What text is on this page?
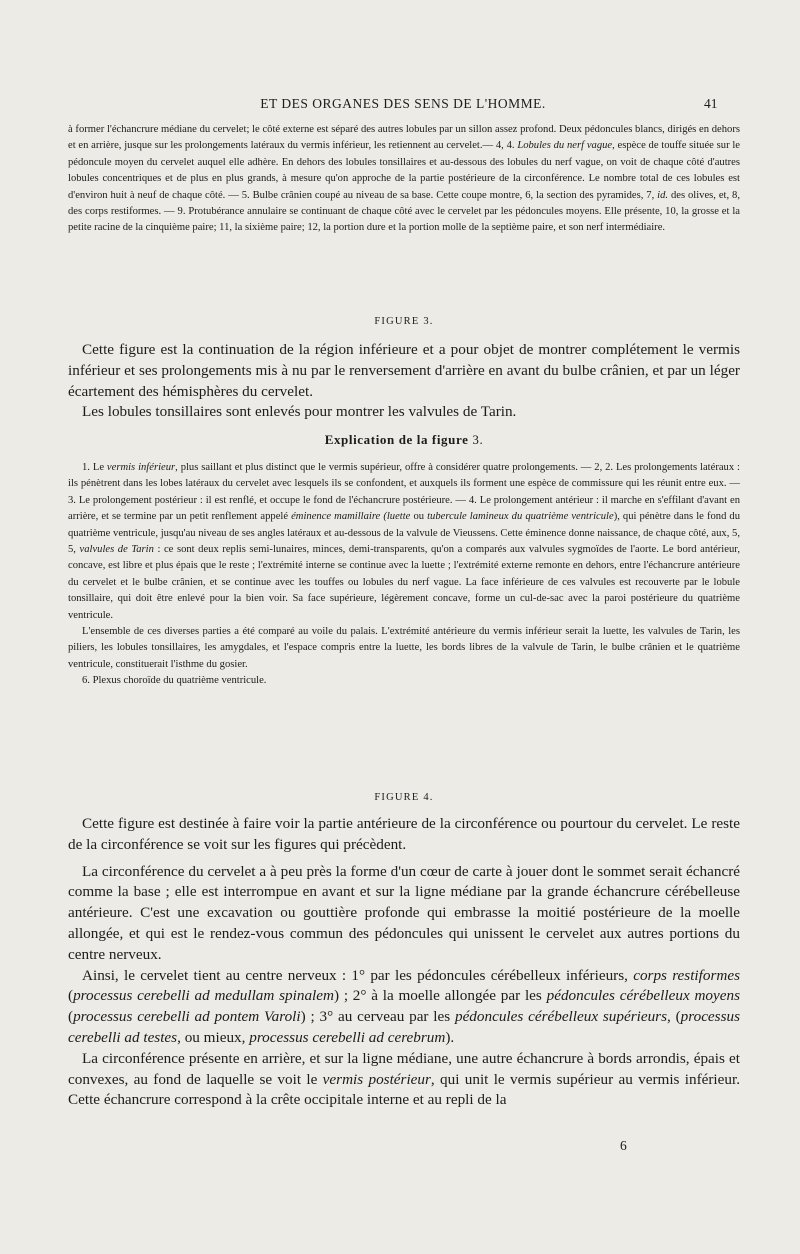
ET DES ORGANES DES SENS DE L'HOMME.	41

à former l'échancrure médiane du cervelet; le côté externe est séparé des autres lobules par un sillon assez profond. Deux pédoncules blancs, dirigés en dehors et en arrière, jusque sur les prolongements latéraux du vermis inférieur, les retiennent au cervelet.— 4, 4. Lobules du nerf vague, espèce de touffe située sur le pédoncule moyen du cervelet auquel elle adhère. En dehors des lobules tonsillaires et au-dessous des lobules du nerf vague, on voit de chaque côté d'autres lobules concentriques et de plus en plus grands, à mesure qu'on approche de la partie postérieure de la circonférence. Le nombre total de ces lobules est d'environ huit à neuf de chaque côté. — 5. Bulbe crânien coupé au niveau de sa base. Cette coupe montre, 6, la section des pyramides, 7, id. des olives, et, 8, des corps restiformes. — 9. Protubérance annulaire se continuant de chaque côté avec le cervelet par les pédoncules moyens. Elle présente, 10, la grosse et la petite racine de la cinquième paire; 11, la sixième paire; 12, la portion dure et la portion molle de la septième paire, et son nerf intermédiaire.

FIGURE 3.

Cette figure est la continuation de la région inférieure et a pour objet de montrer complétement le vermis inférieur et ses prolongements mis à nu par le renversement d'arrière en avant du bulbe crânien, et par un léger écartement des hémisphères du cervelet.

Les lobules tonsillaires sont enlevés pour montrer les valvules de Tarin.

Explication de la figure 3.

1. Le vermis inférieur, plus saillant et plus distinct que le vermis supérieur, offre à considérer quatre prolongements. — 2, 2. Les prolongements latéraux : ils pénètrent dans les lobes latéraux du cervelet avec lesquels ils se confondent, et auxquels ils forment une espèce de commissure qui les réunit entre eux. — 3. Le prolongement postérieur : il est renflé, et occupe le fond de l'échancrure postérieure. — 4. Le prolongement antérieur : il marche en s'effilant d'avant en arrière, et se termine par un petit renflement appelé éminence mamillaire (luette ou tubercule lamineux du quatrième ventricule), qui pénètre dans le fond du quatrième ventricule, jusqu'au niveau de ses angles latéraux et au-dessous de la valvule de Vieussens. Cette éminence donne naissance, de chaque côté, aux, 5, 5, valvules de Tarin : ce sont deux replis semi-lunaires, minces, demi-transparents, qu'on a comparés aux valvules sygmoïdes de l'aorte. Le bord antérieur, concave, est libre et plus épais que le reste ; l'extrémité interne se continue avec la luette ; l'extrémité externe remonte en dehors, entre l'échancrure antérieure du cervelet et le bulbe crânien, et se continue avec les touffes ou lobules du nerf vague. La face inférieure de ces valvules est recouverte par le lobule tonsillaire, qui doit être enlevé pour la bien voir. Sa face supérieure, légèrement concave, forme un cul-de-sac avec la paroi postérieure du quatrième ventricule.

L'ensemble de ces diverses parties a été comparé au voile du palais. L'extrémité antérieure du vermis inférieur serait la luette, les valvules de Tarin, les piliers, les lobules tonsillaires, les amygdales, et l'espace compris entre la luette, les bords libres de la valvule de Tarin, le bulbe crânien et le quatrième ventricule, constituerait l'isthme du gosier.

6. Plexus choroïde du quatrième ventricule.

FIGURE 4.

Cette figure est destinée à faire voir la partie antérieure de la circonférence ou pourtour du cervelet. Le reste de la circonférence se voit sur les figures qui précèdent.

La circonférence du cervelet a à peu près la forme d'un cœur de carte à jouer dont le sommet serait échancré comme la base ; elle est interrompue en avant et sur la ligne médiane par la grande échancrure cérébelleuse antérieure. C'est une excavation ou gouttière profonde qui embrasse la moitié postérieure de la moelle allongée, et qui est le rendez-vous commun des pédoncules qui unissent le cervelet aux autres portions du centre nerveux.

Ainsi, le cervelet tient au centre nerveux : 1° par les pédoncules cérébelleux inférieurs, corps restiformes (processus cerebelli ad medullam spinalem) ; 2° à la moelle allongée par les pédoncules cérébelleux moyens (processus cerebelli ad pontem Varoli) ; 3° au cerveau par les pédoncules cérébelleux supérieurs, (processus cerebelli ad testes, ou mieux, processus cerebelli ad cerebrum).

La circonférence présente en arrière, et sur la ligne médiane, une autre échancrure à bords arrondis, épais et convexes, au fond de laquelle se voit le vermis postérieur, qui unit le vermis supérieur au vermis inférieur. Cette échancrure correspond à la crête occipitale interne et au repli de la

6
